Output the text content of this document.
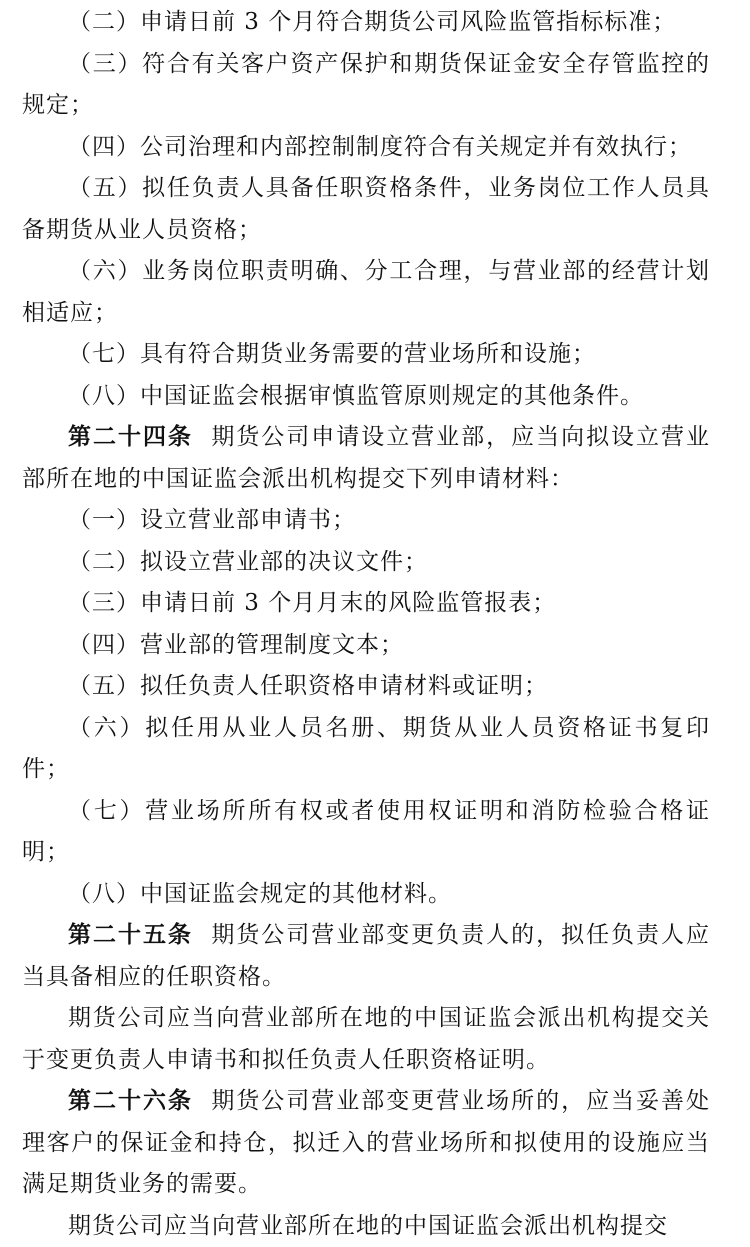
（二）申请日前 3 个月符合期货公司风险监管指标标准；

（三）符合有关客户资产保护和期货保证金安全存管监控的规定；

（四）公司治理和内部控制制度符合有关规定并有效执行；

（五）拟任负责人具备任职资格条件，业务岗位工作人员具备期货从业人员资格；

（六）业务岗位职责明确、分工合理，与营业部的经营计划相适应；

（七）具有符合期货业务需要的营业场所和设施；

（八）中国证监会根据审慎监管原则规定的其他条件。

第二十四条 期货公司申请设立营业部，应当向拟设立营业部所在地的中国证监会派出机构提交下列申请材料：

（一）设立营业部申请书；

（二）拟设立营业部的决议文件；

（三）申请日前 3 个月月末的风险监管报表；

（四）营业部的管理制度文本；

（五）拟任负责人任职资格申请材料或证明；

（六）拟任用从业人员名册、期货从业人员资格证书复印件；

（七）营业场所所有权或者使用权证明和消防检验合格证明；

（八）中国证监会规定的其他材料。

第二十五条 期货公司营业部变更负责人的，拟任负责人应当具备相应的任职资格。

期货公司应当向营业部所在地的中国证监会派出机构提交关于变更负责人申请书和拟任负责人任职资格证明。

第二十六条 期货公司营业部变更营业场所的，应当妥善处理客户的保证金和持仓，拟迁入的营业场所和拟使用的设施应当满足期货业务的需要。

期货公司应当向营业部所在地的中国证监会派出机构提交
